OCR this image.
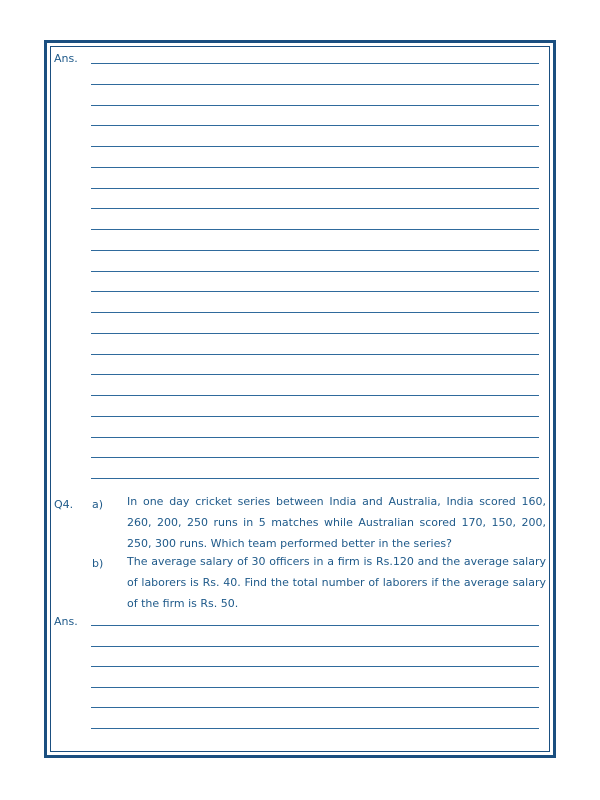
Ans.
Q4. a) In one day cricket series between India and Australia, India scored 160, 260, 200, 250 runs in 5 matches while Australian scored 170, 150, 200, 250, 300 runs. Which team performed better in the series?
b) The average salary of 30 officers in a firm is Rs.120 and the average salary of laborers is Rs. 40. Find the total number of laborers if the average salary of the firm is Rs. 50.
Ans.
